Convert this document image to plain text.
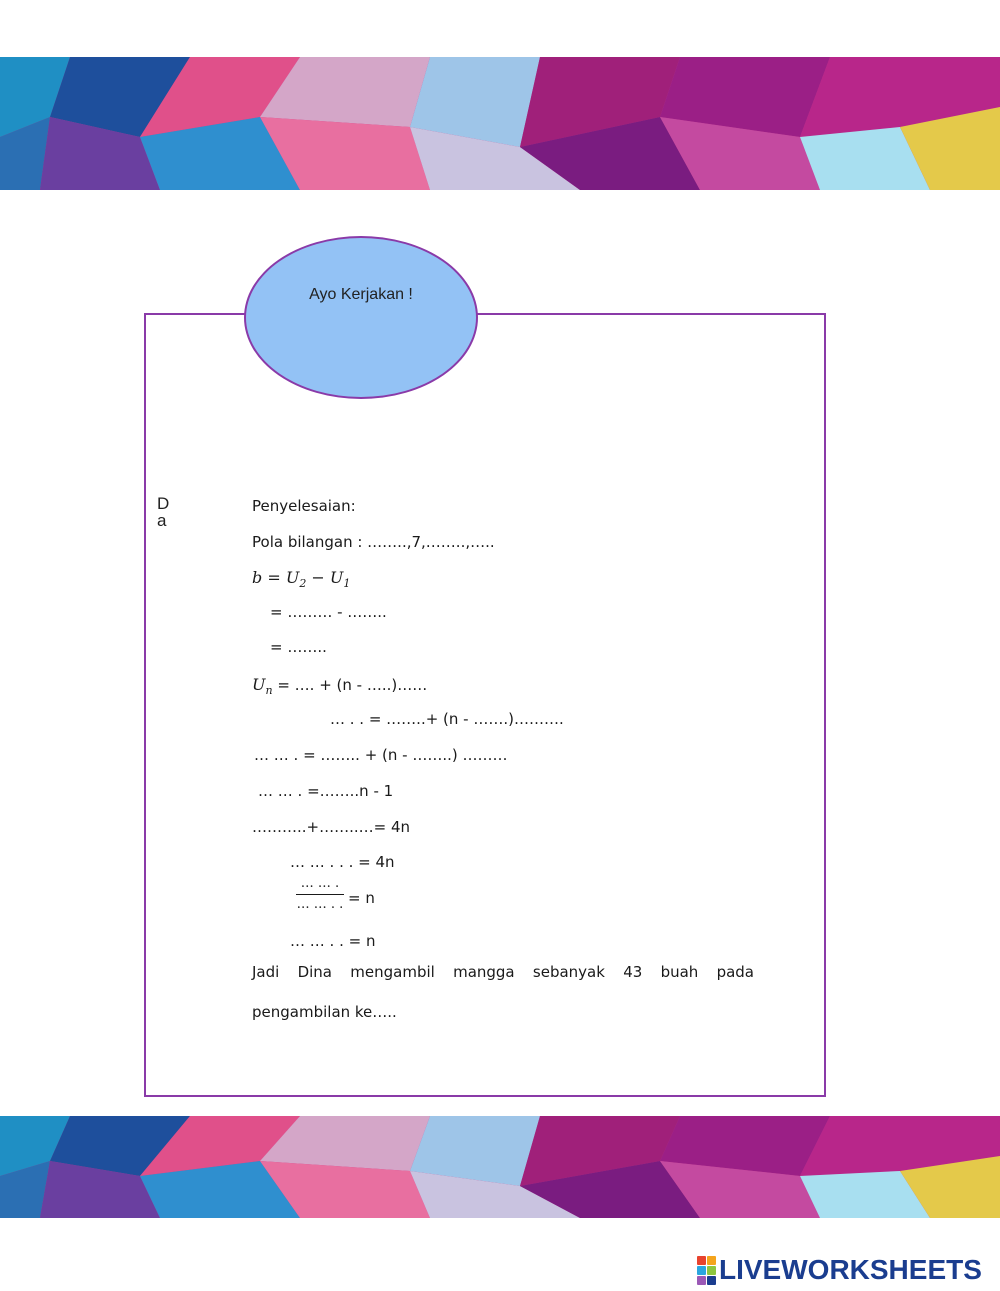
Ayo Kerjakan !
D
a
Penyelesaian:
Pola bilangan : ……..,7,……..,…..
$b = U_2 - U_1$
= ……… - ……..
= ……..
$U_n$ = …. + (n - …..)……
… . . = ……..+ (n - …….)……….
… … . = …….. + (n - ……..) ………
… … . =……..n - 1
………..+……..…= 4n
… … . . . = 4n
… … .
… … . . = n
… … . . = n
Jadi Dina mengambil mangga sebanyak 43 buah pada
pengambilan ke…..
LIVEWORKSHEETS
